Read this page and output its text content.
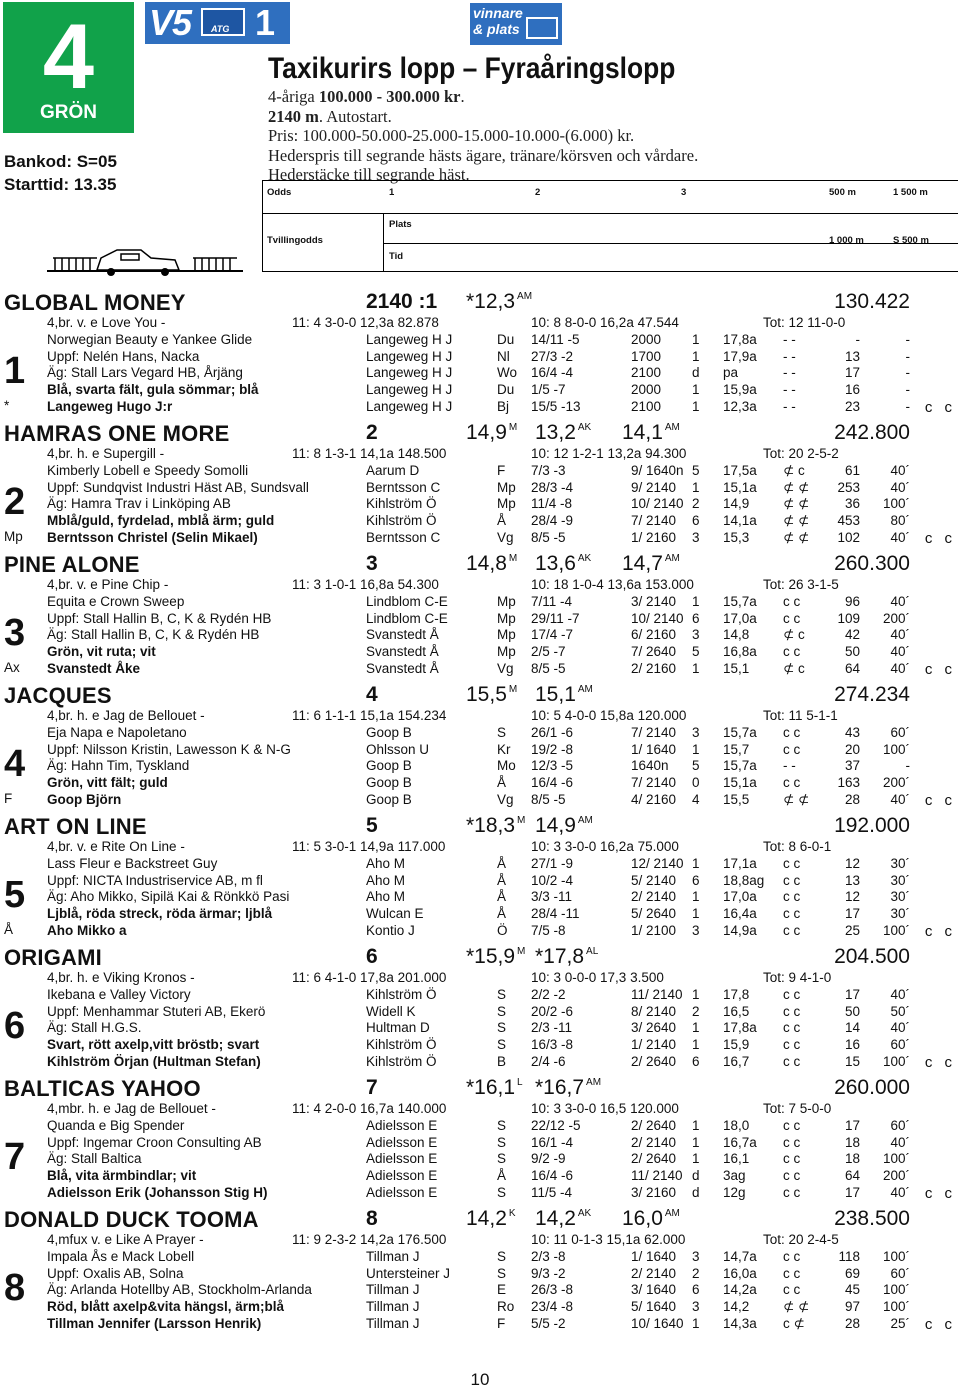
4
GRÖN
Bankod: S=05
Starttid: 13.35
V5 ATG 1	vinnare
& plats
Taxikurirs lopp – Fyraåringslopp
4-åriga 100.000 - 300.000 kr.
2140 m. Autostart.
Pris: 100.000-50.000-25.000-15.000-10.000-(6.000) kr.
Hederspris till segrande hästs ägare, tränare/körsven och vårdare.
Hederstäcke till segrande häst.
Odds	1	2	3	500 m	1 500 m
Plats
Tvillingodds	1 000 m	S 500 m
Tid
GLOBAL MONEY	2140 :1 *12,3 $^{AM}$	130.422
4,br. v. e Love You -	11: 4 3-0-0 12,3a 82.878	10: 8 8-0-0 16,2a 47.544	Tot: 12 11-0-0
1
*
Norwegian Beauty e Yankee Glide	Langeweg H J	Du 14/11 -5	2000 1 17,8a - -	-	-
Uppf: Nelén Hans, Nacka	Langeweg H J	Nl 27/3 -2	1700 1 17,9a - -	13	-
Äg: Stall Lars Vegard HB, Årjäng	Langeweg H J	Wo 16/4 -4	2100 d pa	- -	17	-
Blå, svarta fält, gula sömmar; blå	Langeweg H J	Du 1/5 -7	2000 1 15,9a - -	16	-
Langeweg Hugo J:r	Langeweg H J	Bj 15/5 -13	2100 1 12,3a - -	23	- c c
HAMRAS ONE MORE	2	14,9 $^M$ 13,2 $^{AK}$ 14,1 $^{AM}$	242.800
4,br. h. e Supergill -	11: 8 1-3-1 14,1a 148.500	10: 12 1-2-1 13,2a 94.300	Tot: 20 2-5-2
2
Mp
Kimberly Lobell e Speedy Somolli	Aarum D	F 7/3 -3	9/ 1640n 5 17,5a ⊄ c	61 40´
Uppf: Sundqvist Industri Häst AB, Sundsvall	Berntsson C	Mp 28/3 -4	9/ 2140 1 15,1a ⊄ ⊄ 253 40´
Äg: Hamra Trav i Linköping AB	Kihlström Ö	Mp 11/4 -8	10/ 2140 2 14,9 ⊄ ⊄	36 100´
Mblå/guld, fyrdelad, mblå ärm; guld	Kihlström Ö	Å 28/4 -9	7/ 2140 6 14,1a ⊄ ⊄ 453 80´
Berntsson Christel (Selin Mikael)	Berntsson C	Vg 8/5 -5	1/ 2160 3 15,3 ⊄ ⊄ 102 40´ c c
PINE ALONE	3	14,8 $^M$ 13,6 $^{AK}$ 14,7 $^{AM}$	260.300
4,br. v. e Pine Chip -	11: 3 1-0-1 16,8a 54.300	10: 18 1-0-4 13,6a 153.000	Tot: 26 3-1-5
3
Ax
Equita e Crown Sweep	Lindblom C-E	Mp 7/11 -4	3/ 2140 1 15,7a c c	96 40´
Uppf: Stall Hallin B, C, K & Rydén HB	Lindblom C-E	Mp 29/11 -7	10/ 2140 6 17,0a c c	109 200´
Äg: Stall Hallin B, C, K & Rydén HB	Svanstedt Å	Mp 17/4 -7	6/ 2160 3 14,8 ⊄ c	42 40´
Grön, vit ruta; vit	Svanstedt Å	Mp 2/5 -7	7/ 2640 5 16,8a c c	50 40´
Svanstedt Åke	Svanstedt Å	Vg 8/5 -5	2/ 2160 1 15,1 ⊄ c	64 40´ c c
JACQUES	4	15,5 $^M$ 15,1 $^{AM}$	274.234
4,br. h. e Jag de Bellouet -	11: 6 1-1-1 15,1a 154.234	10: 5 4-0-0 15,8a 120.000	Tot: 11 5-1-1
4
F
Eja Napa e Napoletano	Goop B	S 26/1 -6	7/ 2140 3 15,7a c c	43 60´
Uppf: Nilsson Kristin, Lawesson K & N-G	Ohlsson U	Kr 19/2 -8	1/ 1640 1 15,7 c c	20 100´
Äg: Hahn Tim, Tyskland	Goop B	Mo 12/3 -5	1640n 5 15,7a - -	37	-
Grön, vitt fält; guld	Goop B	Å 16/4 -6	7/ 2140 0 15,1a c c	163 200´
Goop Björn	Goop B	Vg 8/5 -5	4/ 2160 4 15,5 ⊄ ⊄	28 40´ c c
ART ON LINE	5	*18,3 $^M$ 14,9 $^{AM}$	192.000
4,br. v. e Rite On Line -	11: 5 3-0-1 14,9a 117.000	10: 3 3-0-0 16,2a 75.000	Tot: 8 6-0-1
5
Å
Lass Fleur e Backstreet Guy	Aho M	Å 27/1 -9	12/ 2140 1 17,1a c c	12 30´
Uppf: NICTA Industriservice AB, m fl	Aho M	Å 10/2 -4	5/ 2140 6 18,8ag c c	13 30´
Äg: Aho Mikko, Sipilä Kai & Rönkkö Pasi	Aho M	Å 3/3 -11	2/ 2140 1 17,0a c c	12 30´
Ljblå, röda streck, röda ärmar; ljblå	Wulcan E	Å 28/4 -11	5/ 2640 1 16,4a c c	17 30´
Aho Mikko a	Kontio J	Ö 7/5 -8	1/ 2100 3 14,9a c c	25 100´ c c
ORIGAMI	6	*15,9 $^M$ *17,8 $^{AL}$	204.500
4,br. h. e Viking Kronos -	11: 6 4-1-0 17,8a 201.000	10: 3 0-0-0 17,3 3.500	Tot: 9 4-1-0
6
Ikebana e Valley Victory	Kihlström Ö	S 2/2 -2	11/ 2140 1 17,8 c c	17 40´
Uppf: Menhammar Stuteri AB, Ekerö	Widell K	S 20/2 -6	8/ 2140 2 16,5 c c	50 50´
Äg: Stall H.G.S.	Hultman D	S 2/3 -11	3/ 2640 1 17,8a c c	14 40´
Svart, rött axelp,vitt bröstb; svart	Kihlström Ö	S 16/3 -8	1/ 2140 1 15,9 c c	16 60´
Kihlström Örjan (Hultman Stefan)	Kihlström Ö	B 2/4 -6	2/ 2640 6 16,7 c c	15 100´ c c
BALTICAS YAHOO	7	*16,1 $^L$ *16,7 $^{AM}$	260.000
4,mbr. h. e Jag de Bellouet -	11: 4 2-0-0 16,7a 140.000	10: 3 3-0-0 16,5 120.000	Tot: 7 5-0-0
7
Quanda e Big Spender	Adielsson E	S 22/12 -5	2/ 2640 1 18,0 c c	17 60´
Uppf: Ingemar Croon Consulting AB	Adielsson E	S 16/1 -4	2/ 2140 1 16,7a c c	18 40´
Äg: Stall Baltica	Adielsson E	S 9/2 -9	2/ 2640 1 16,1 c c	18 100´
Blå, vita ärmbindlar; vit	Adielsson E	Å 16/4 -6	11/ 2140 d 3ag	c c	64 200´
Adielsson Erik (Johansson Stig H)	Adielsson E	S 11/5 -4	3/ 2160 d 12g	c c	17 40´ c c
DONALD DUCK TOOMA	8	14,2 $^K$ 14,2 $^{AK}$ 16,0 $^{AM}$	238.500
4,mfux v. e Like A Prayer -	11: 9 2-3-2 14,2a 176.500	10: 11 0-1-3 15,1a 62.000	Tot: 20 2-4-5
8
Impala Ås e Mack Lobell	Tillman J	S 2/3 -8	1/ 1640 3 14,7a c c	118 100´
Uppf: Oxalis AB, Solna	Untersteiner J	S 9/3 -2	2/ 2140 2 16,0a c c	69 60´
Äg: Arlanda Hotellby AB, Stockholm-Arlanda	Tillman J	E 26/3 -8	3/ 1640 6 14,2a c c	45 100´
Röd, blått axelp&vita hängsl, ärm;blå	Tillman J	Ro 23/4 -8	5/ 1640 3 14,2 ⊄ ⊄	97 100´
Tillman Jennifer (Larsson Henrik)	Tillman J	F 5/5 -2	10/ 1640 1 14,3a c ⊄	28 25´ c c
10
